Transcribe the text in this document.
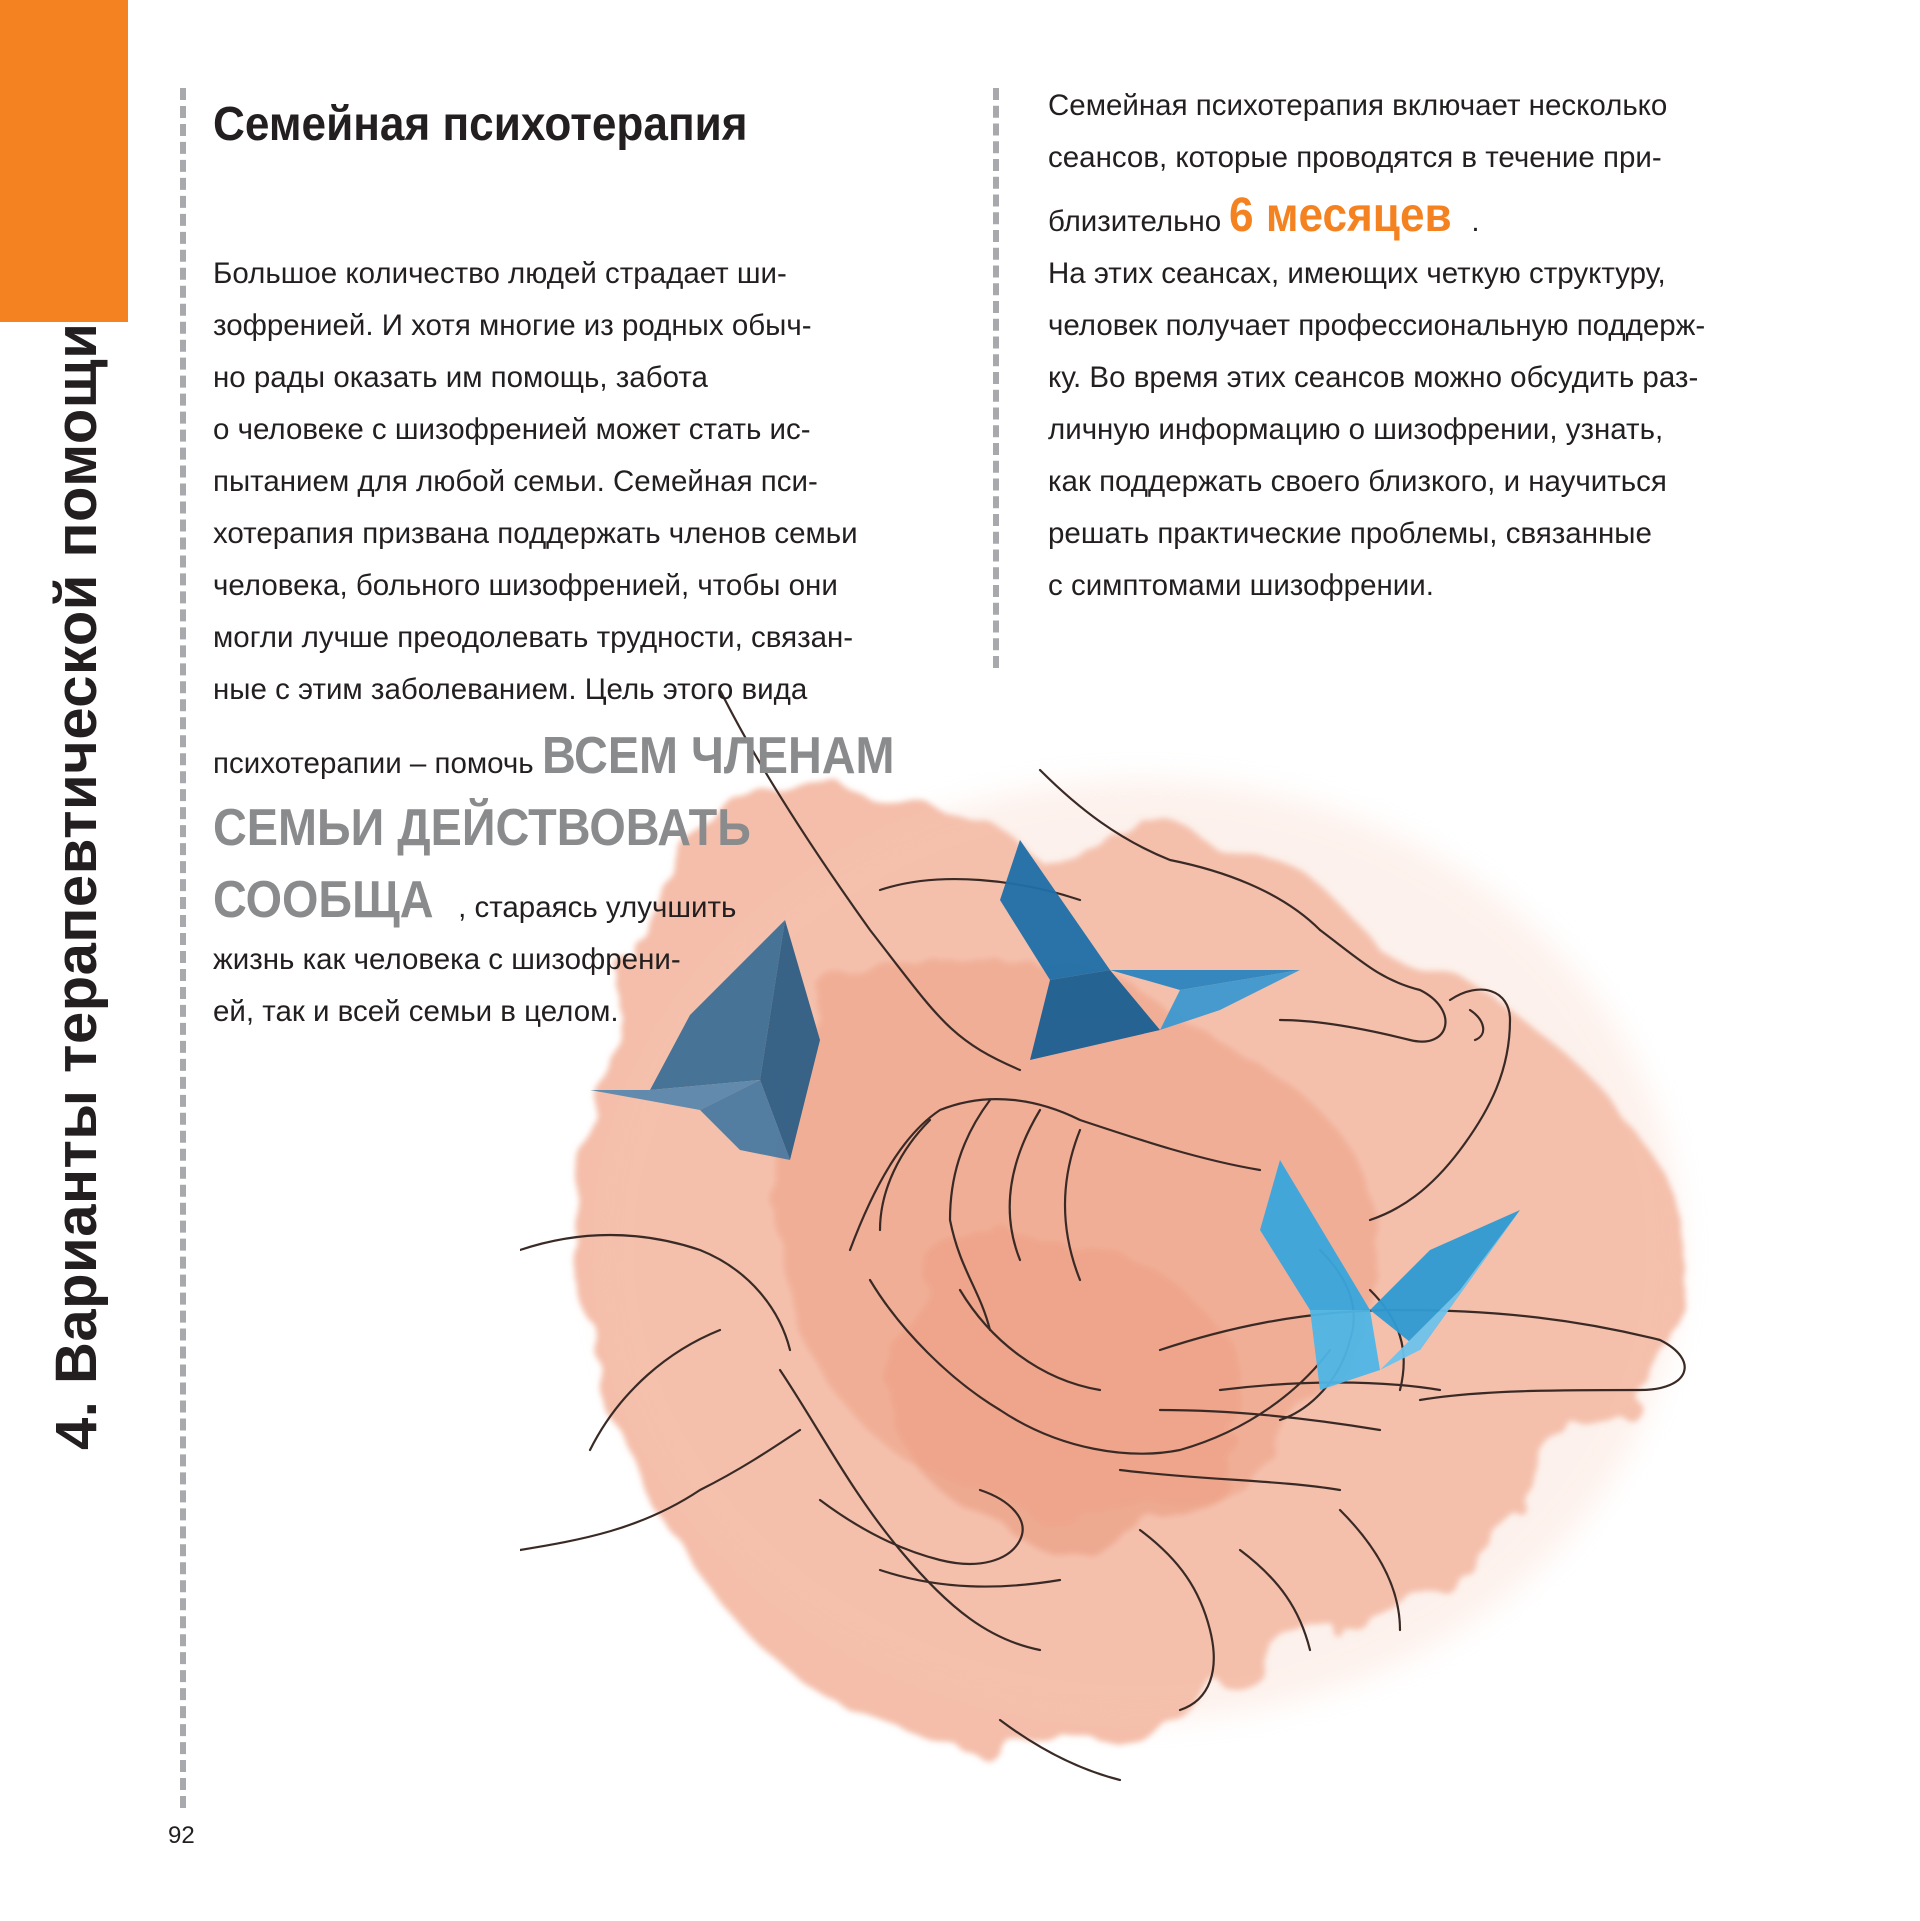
4. Варианты терапевтической помощи
Семейная психотерапия
Большое количество людей страдает ши-
зофренией. И хотя многие из родных обыч-
но рады оказать им помощь, забота
о человеке с шизофренией может стать ис-
пытанием для любой семьи. Семейная пси-
хотерапия призвана поддержать членов семьи
человека, больного шизофренией, чтобы они
могли лучше преодолевать трудности, связан-
ные с этим заболеванием. Цель этого вида
психотерапии – помочь ВСЕМ ЧЛЕНАМ
СЕМЬИ ДЕЙСТВОВАТЬ
СООБЩА , стараясь улучшить
жизнь как человека с шизофрени-
ей, так и всей семьи в целом.
Семейная психотерапия включает несколько
сеансов, которые проводятся в течение при-
близительно 6 месяцев .
На этих сеансах, имеющих четкую структуру,
человек получает профессиональную поддерж-
ку. Во время этих сеансов можно обсудить раз-
личную информацию о шизофрении, узнать,
как поддержать своего близкого, и научиться
решать практические проблемы, связанные
с симптомами шизофрении.
92
